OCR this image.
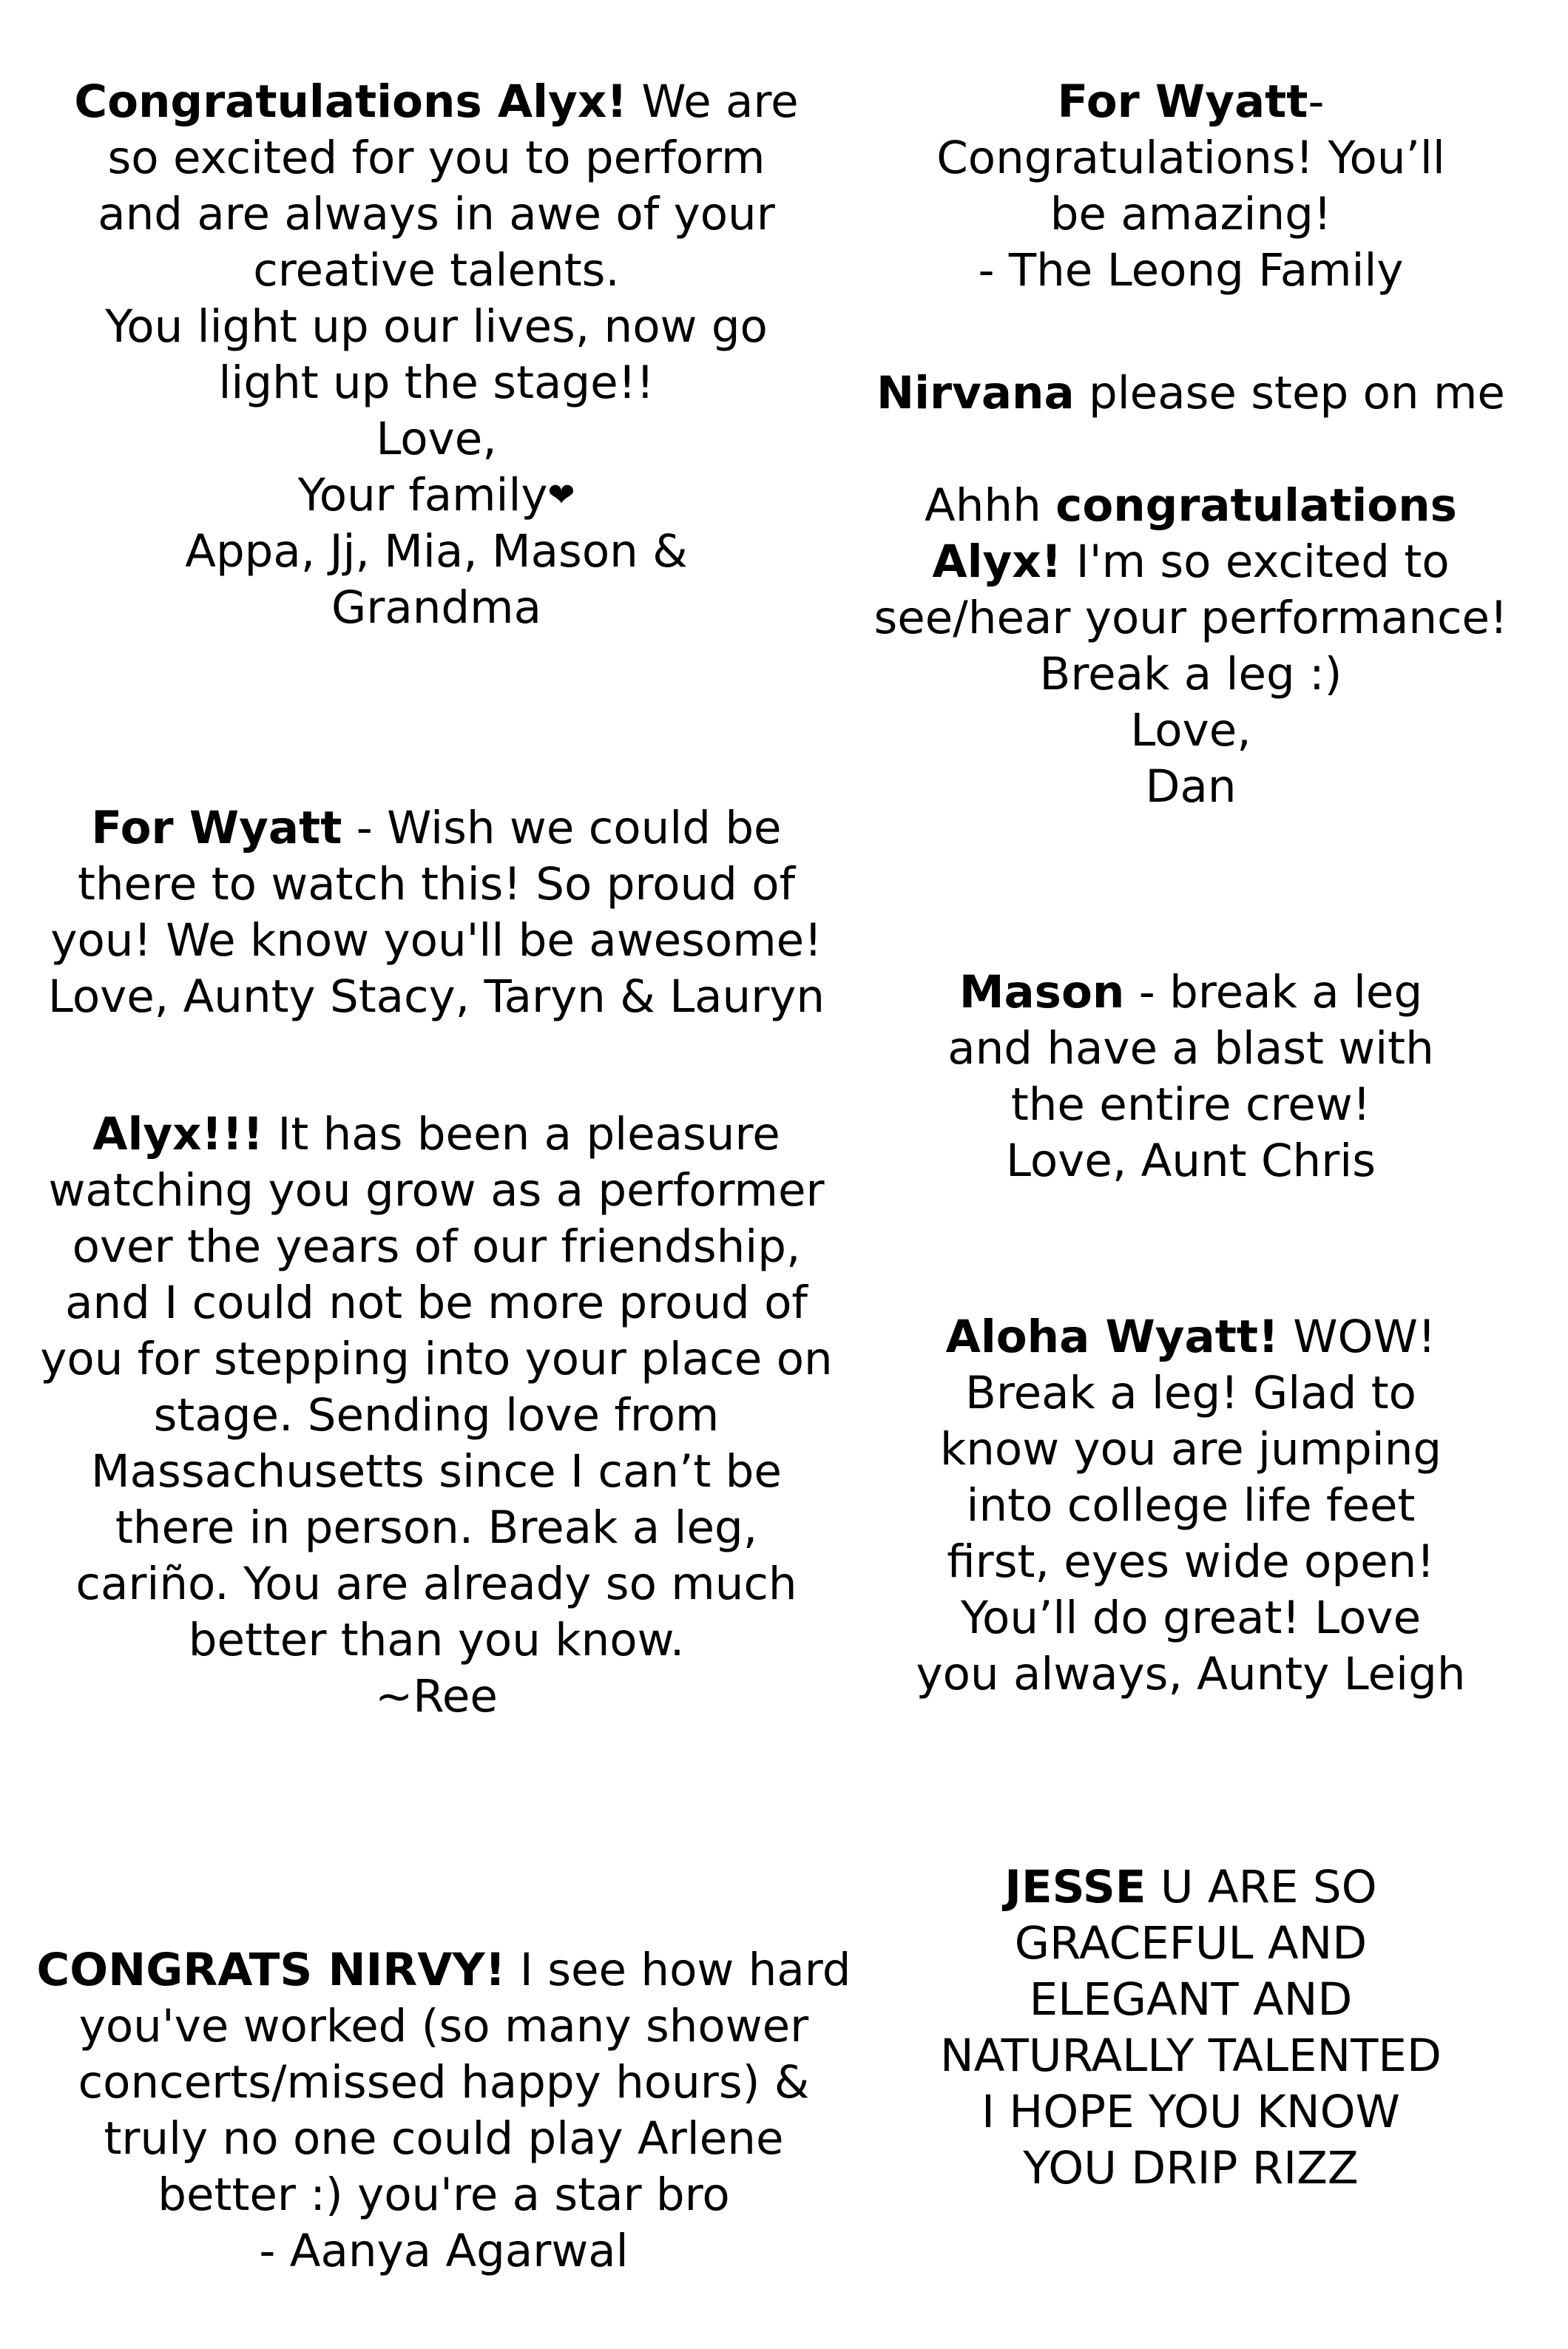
Congratulations Alyx! We are
so excited for you to perform
and are always in awe of your
creative talents.
You light up our lives, now go
light up the stage!!
Love,
Your family❤
Appa, Jj, Mia, Mason &
Grandma
For Wyatt-
Congratulations! You’ll
be amazing!
- The Leong Family
Nirvana please step on me
Ahhh congratulations
Alyx! I'm so excited to
see/hear your performance!
Break a leg :)
Love,
Dan
For Wyatt - Wish we could be
there to watch this! So proud of
you! We know you'll be awesome!
Love, Aunty Stacy, Taryn & Lauryn	Mason - break a leg
and have a blast with
the entire crew!
Love, Aunt Chris
Alyx!!! It has been a pleasure
watching you grow as a performer
over the years of our friendship,
and I could not be more proud of
you for stepping into your place on
stage. Sending love from
Massachusetts since I can’t be
there in person. Break a leg,
cariño. You are already so much
better than you know.
~Ree
Aloha Wyatt! WOW!
Break a leg! Glad to
know you are jumping
into college life feet
first, eyes wide open!
You’ll do great! Love
you always, Aunty Leigh
JESSE U ARE SO
GRACEFUL AND
ELEGANT AND
NATURALLY TALENTED
I HOPE YOU KNOW
YOU DRIP RIZZ
CONGRATS NIRVY! I see how hard
you've worked (so many shower
concerts/missed happy hours) &
truly no one could play Arlene
better :) you're a star bro
- Aanya Agarwal
